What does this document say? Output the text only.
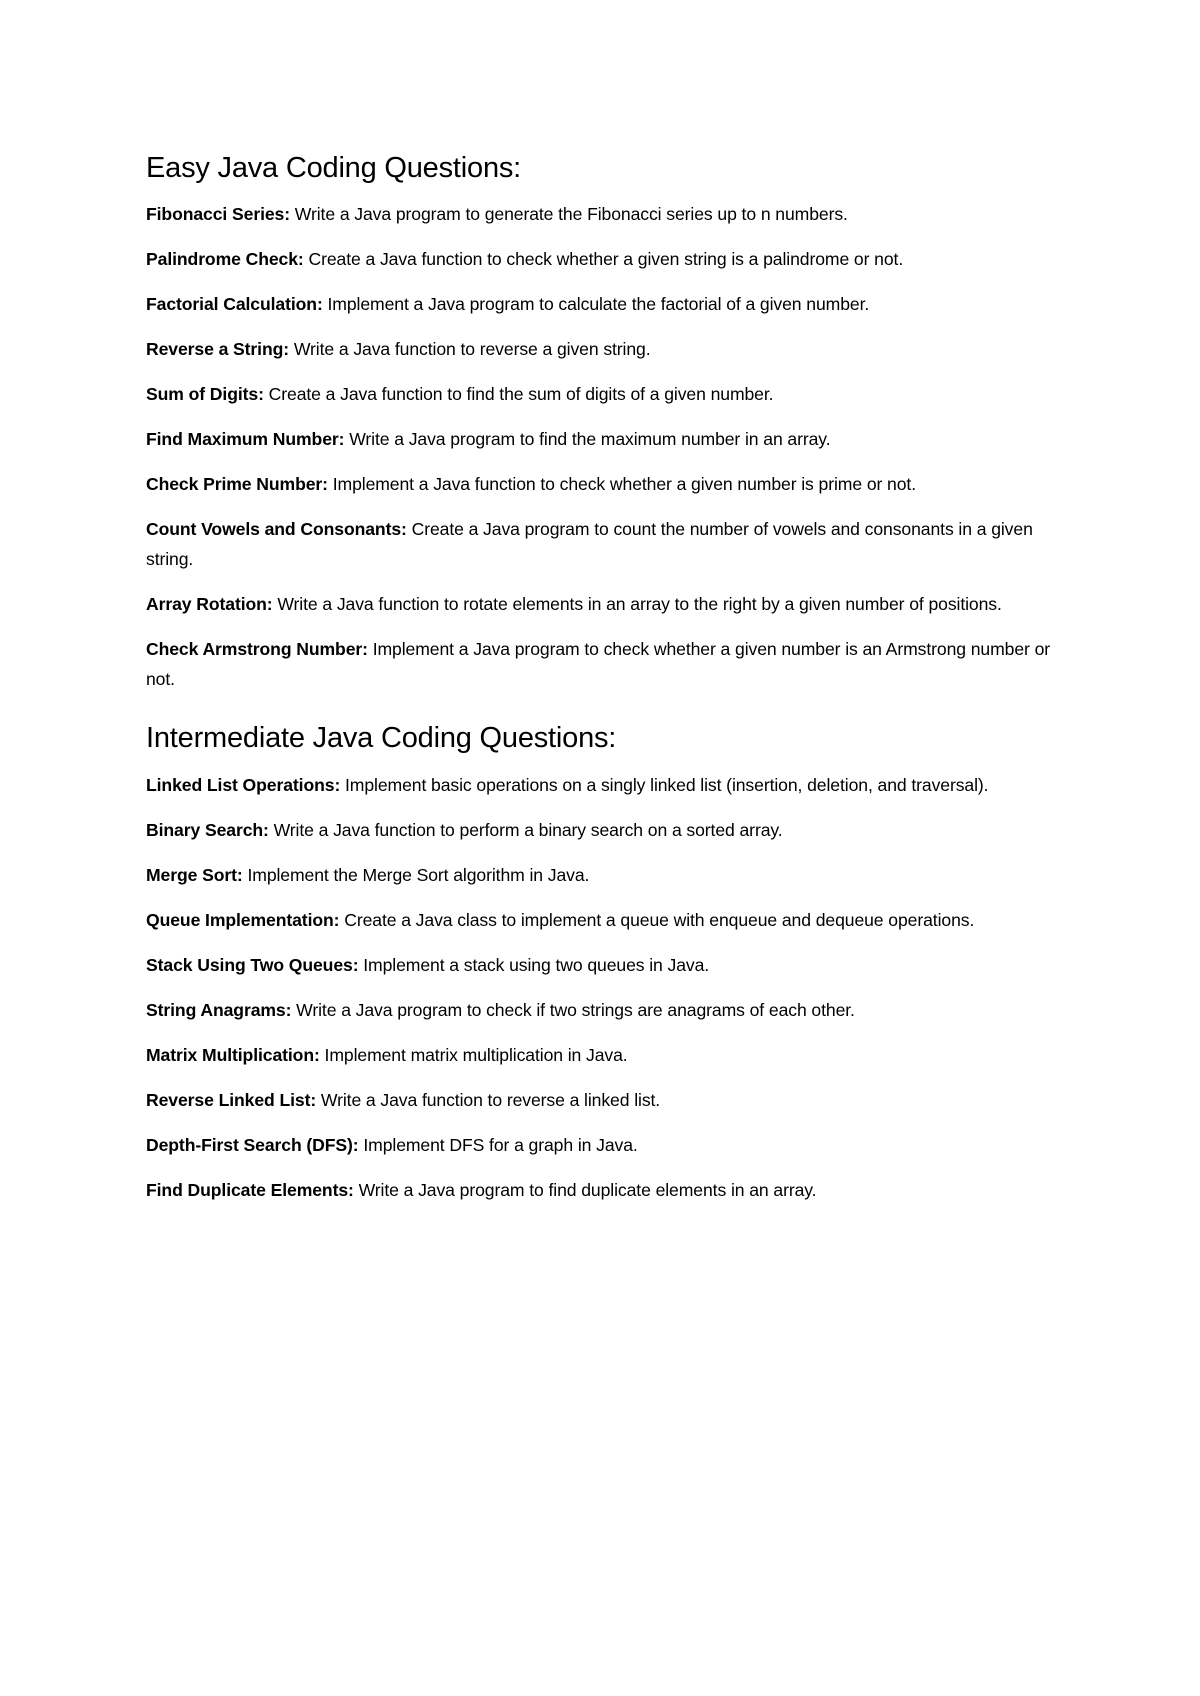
Easy Java Coding Questions:

Fibonacci Series: Write a Java program to generate the Fibonacci series up to n numbers.

Palindrome Check: Create a Java function to check whether a given string is a palindrome or not.

Factorial Calculation: Implement a Java program to calculate the factorial of a given number.

Reverse a String: Write a Java function to reverse a given string.

Sum of Digits: Create a Java function to find the sum of digits of a given number.

Find Maximum Number: Write a Java program to find the maximum number in an array.

Check Prime Number: Implement a Java function to check whether a given number is prime or not.

Count Vowels and Consonants: Create a Java program to count the number of vowels and consonants in a given string.

Array Rotation: Write a Java function to rotate elements in an array to the right by a given number of positions.

Check Armstrong Number: Implement a Java program to check whether a given number is an Armstrong number or not.

Intermediate Java Coding Questions:

Linked List Operations: Implement basic operations on a singly linked list (insertion, deletion, and traversal).

Binary Search: Write a Java function to perform a binary search on a sorted array.

Merge Sort: Implement the Merge Sort algorithm in Java.

Queue Implementation: Create a Java class to implement a queue with enqueue and dequeue operations.

Stack Using Two Queues: Implement a stack using two queues in Java.

String Anagrams: Write a Java program to check if two strings are anagrams of each other.

Matrix Multiplication: Implement matrix multiplication in Java.

Reverse Linked List: Write a Java function to reverse a linked list.

Depth-First Search (DFS): Implement DFS for a graph in Java.

Find Duplicate Elements: Write a Java program to find duplicate elements in an array.
